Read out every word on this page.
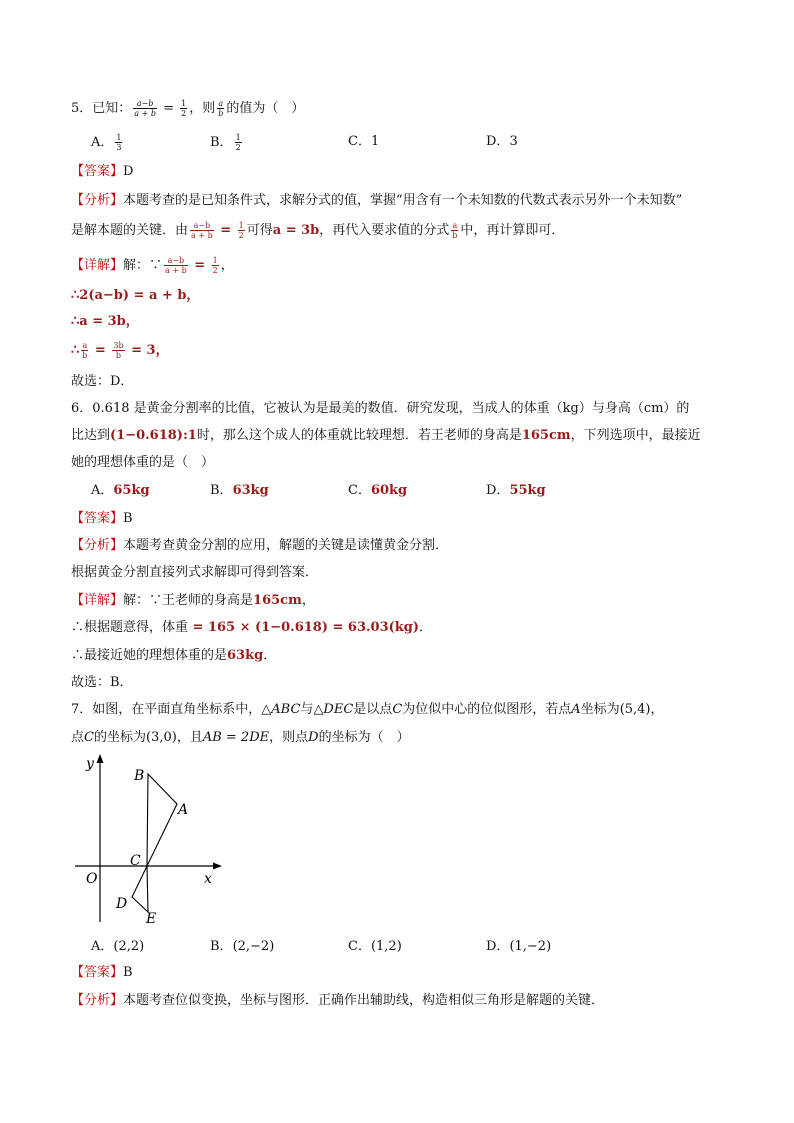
5．已知： $\frac{a-b}{a + b} = \frac{1}{2}$ ，则 $\frac{a}{b}$ 的值为（　）
A． $\frac{1}{3}$	B． $\frac{1}{2}$	C．1	D．3
【答案】D
【分析】本题考查的是已知条件式，求解分式的值，掌握“用含有一个未知数的代数式表示另外一个未知数”
是解本题的关键．由 $\frac{a-b}{a + b} = \frac{1}{2}$ 可得a = 3b，再代入要求值的分式 $\frac{a}{b}$ 中，再计算即可．
【详解】解：∵ $\frac{a-b}{a + b} = \frac{1}{2}$ ，
∴2(a−b) = a + b，
∴a = 3b，
∴ $\frac{a}{b} = \frac{3b}{b} = 3$，
故选：D．
6．0.618 是黄金分割率的比值，它被认为是最美的数值．研究发现，当成人的体重（kg）与身高（cm）的
比达到(1−0.618):1时，那么这个成人的体重就比较理想．若王老师的身高是165cm，下列选项中，最接近
她的理想体重的是（　）
A．65kg	B．63kg	C．60kg	D．55kg
【答案】B
【分析】本题考查黄金分割的应用，解题的关键是读懂黄金分割．
根据黄金分割直接列式求解即可得到答案．
【详解】解：∵王老师的身高是165cm，
∴根据题意得，体重 = 165 × (1−0.618) = 63.03(kg)．
∴最接近她的理想体重的是63kg．
故选：B．
7．如图，在平面直角坐标系中，△ABC与△DEC是以点C为位似中心的位似图形，若点A坐标为(5,4)，
点C的坐标为(3,0)，且AB = 2DE，则点D的坐标为（　）
y
x
O
B
A
C
D
E
A．(2,2)	B．(2,−2)	C．(1,2)	D．(1,−2)
【答案】B
【分析】本题考查位似变换，坐标与图形．正确作出辅助线，构造相似三角形是解题的关键．
